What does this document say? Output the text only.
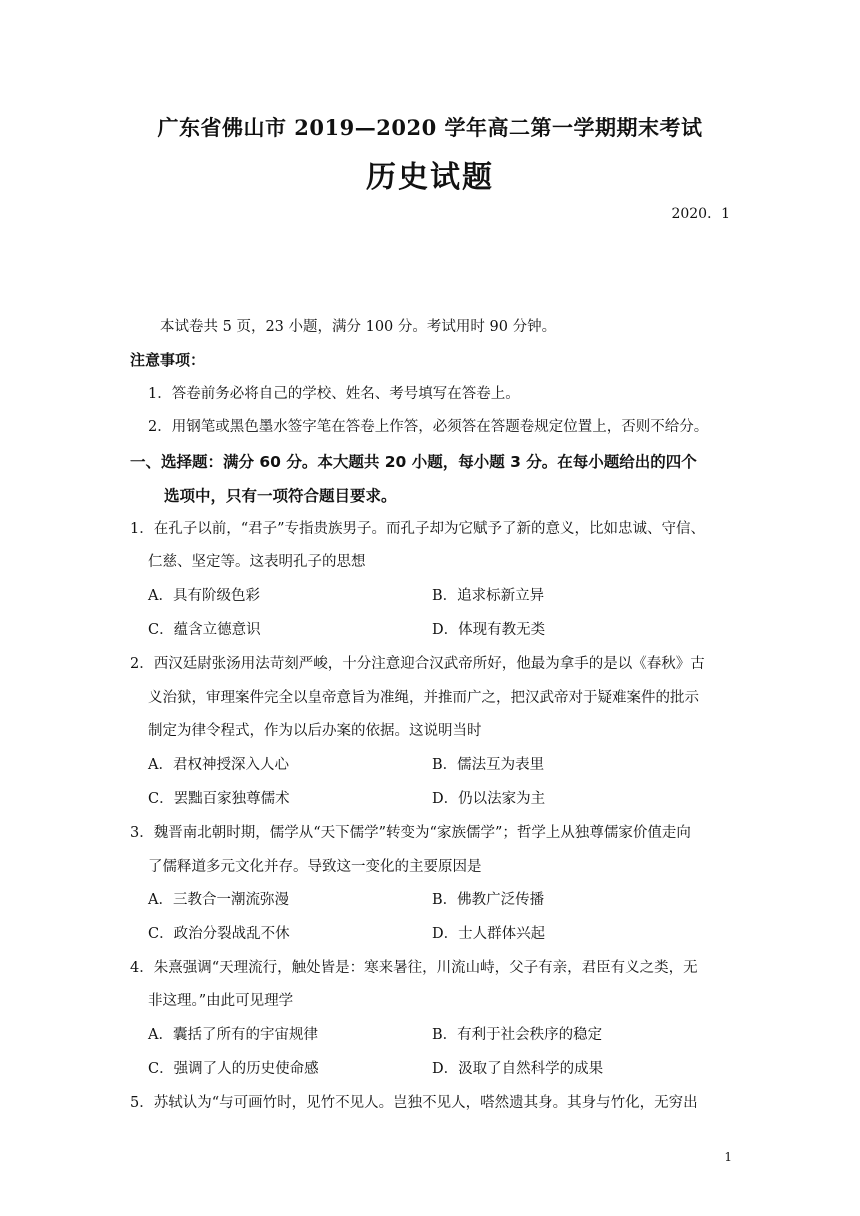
广东省佛山市 2019—2020 学年高二第一学期期末考试
历史试题
2020．1
本试卷共 5 页，23 小题，满分 100 分。考试用时 90 分钟。
注意事项：
1．答卷前务必将自己的学校、姓名、考号填写在答卷上。
2．用钢笔或黑色墨水签字笔在答卷上作答，必须答在答题卷规定位置上，否则不给分。
一、选择题：满分 60 分。本大题共 20 小题，每小题 3 分。在每小题给出的四个
选项中，只有一项符合题目要求。
1．在孔子以前，“君子”专指贵族男子。而孔子却为它赋予了新的意义，比如忠诚、守信、
仁慈、坚定等。这表明孔子的思想
A．具有阶级色彩	B．追求标新立异
C．蕴含立德意识	D．体现有教无类
2．西汉廷尉张汤用法苛刻严峻，十分注意迎合汉武帝所好，他最为拿手的是以《春秋》古
义治狱，审理案件完全以皇帝意旨为准绳，并推而广之，把汉武帝对于疑难案件的批示
制定为律令程式，作为以后办案的依据。这说明当时
A．君权神授深入人心	B．儒法互为表里
C．罢黜百家独尊儒术	D．仍以法家为主
3．魏晋南北朝时期，儒学从“天下儒学”转变为“家族儒学”；哲学上从独尊儒家价值走向
了儒释道多元文化并存。导致这一变化的主要原因是
A．三教合一潮流弥漫	B．佛教广泛传播
C．政治分裂战乱不休	D．士人群体兴起
4．朱熹强调“天理流行，触处皆是：寒来暑往，川流山峙，父子有亲，君臣有义之类，无
非这理。”由此可见理学
A．囊括了所有的宇宙规律	B．有利于社会秩序的稳定
C．强调了人的历史使命感	D．汲取了自然科学的成果
5．苏轼认为“与可画竹时，见竹不见人。岂独不见人，嗒然遗其身。其身与竹化，无穷出
1
